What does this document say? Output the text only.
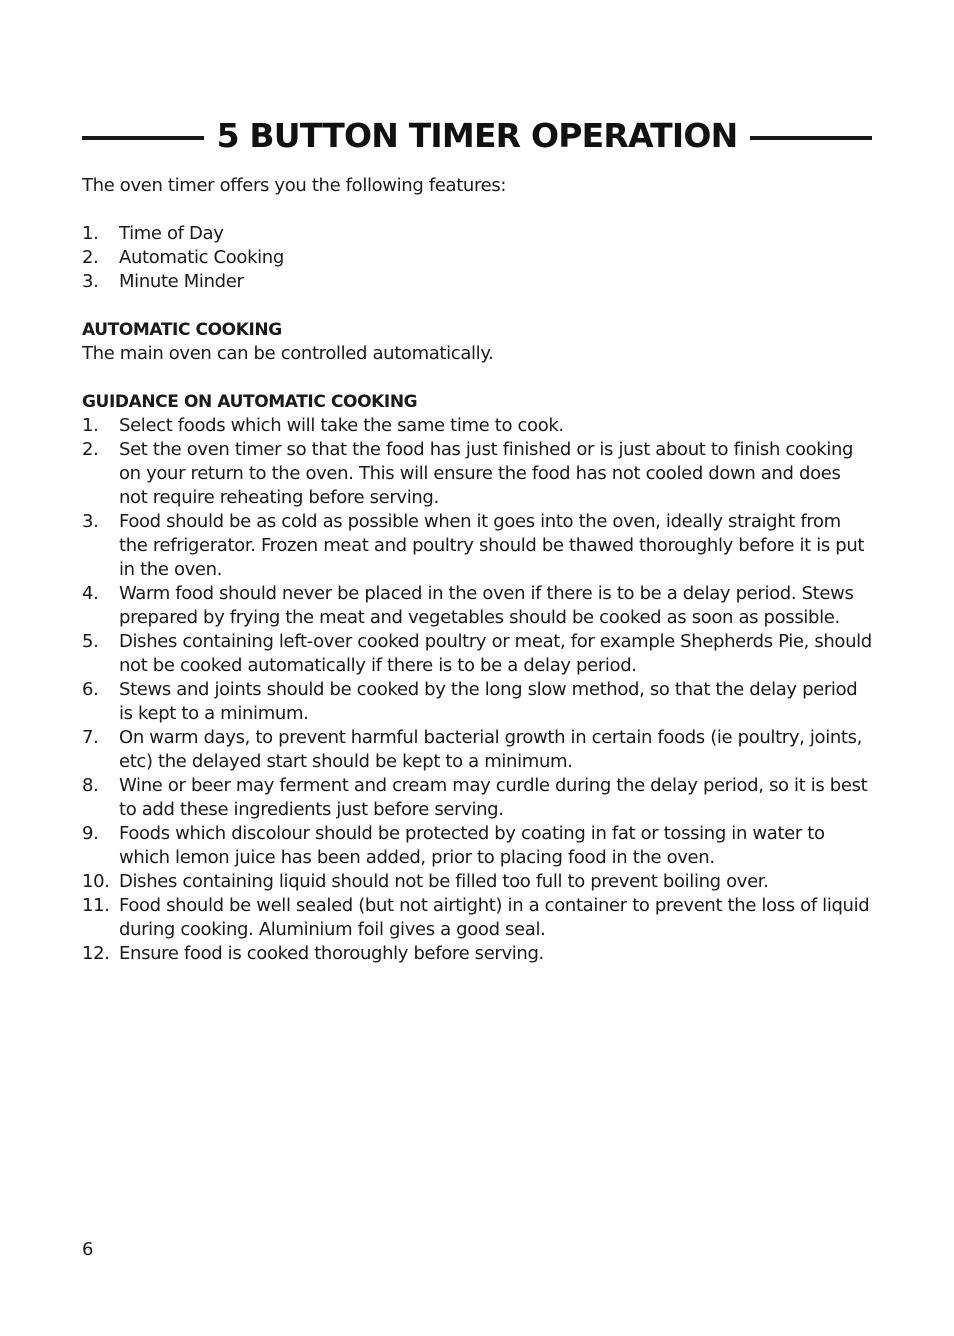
5 BUTTON TIMER OPERATION

The oven timer offers you the following features:

1.	Time of Day
2.	Automatic Cooking
3.	Minute Minder

AUTOMATIC COOKING

The main oven can be controlled automatically.

GUIDANCE ON AUTOMATIC COOKING

1.	Select foods which will take the same time to cook.
2.	Set the oven timer so that the food has just finished or is just about to finish cooking on your return to the oven. This will ensure the food has not cooled down and does not require reheating before serving.
3.	Food should be as cold as possible when it goes into the oven, ideally straight from the refrigerator. Frozen meat and poultry should be thawed thoroughly before it is put in the oven.
4.	Warm food should never be placed in the oven if there is to be a delay period. Stews prepared by frying the meat and vegetables should be cooked as soon as possible.
5.	Dishes containing left-over cooked poultry or meat, for example Shepherds Pie, should not be cooked automatically if there is to be a delay period.
6.	Stews and joints should be cooked by the long slow method, so that the delay period is kept to a minimum.
7.	On warm days, to prevent harmful bacterial growth in certain foods (ie poultry, joints, etc) the delayed start should be kept to a minimum.
8.	Wine or beer may ferment and cream may curdle during the delay period, so it is best to add these ingredients just before serving.
9.	Foods which discolour should be protected by coating in fat or tossing in water to which lemon juice has been added, prior to placing food in the oven.
10. Dishes containing liquid should not be filled too full to prevent boiling over.
11. Food should be well sealed (but not airtight) in a container to prevent the loss of liquid during cooking. Aluminium foil gives a good seal.
12. Ensure food is cooked thoroughly before serving.
6
